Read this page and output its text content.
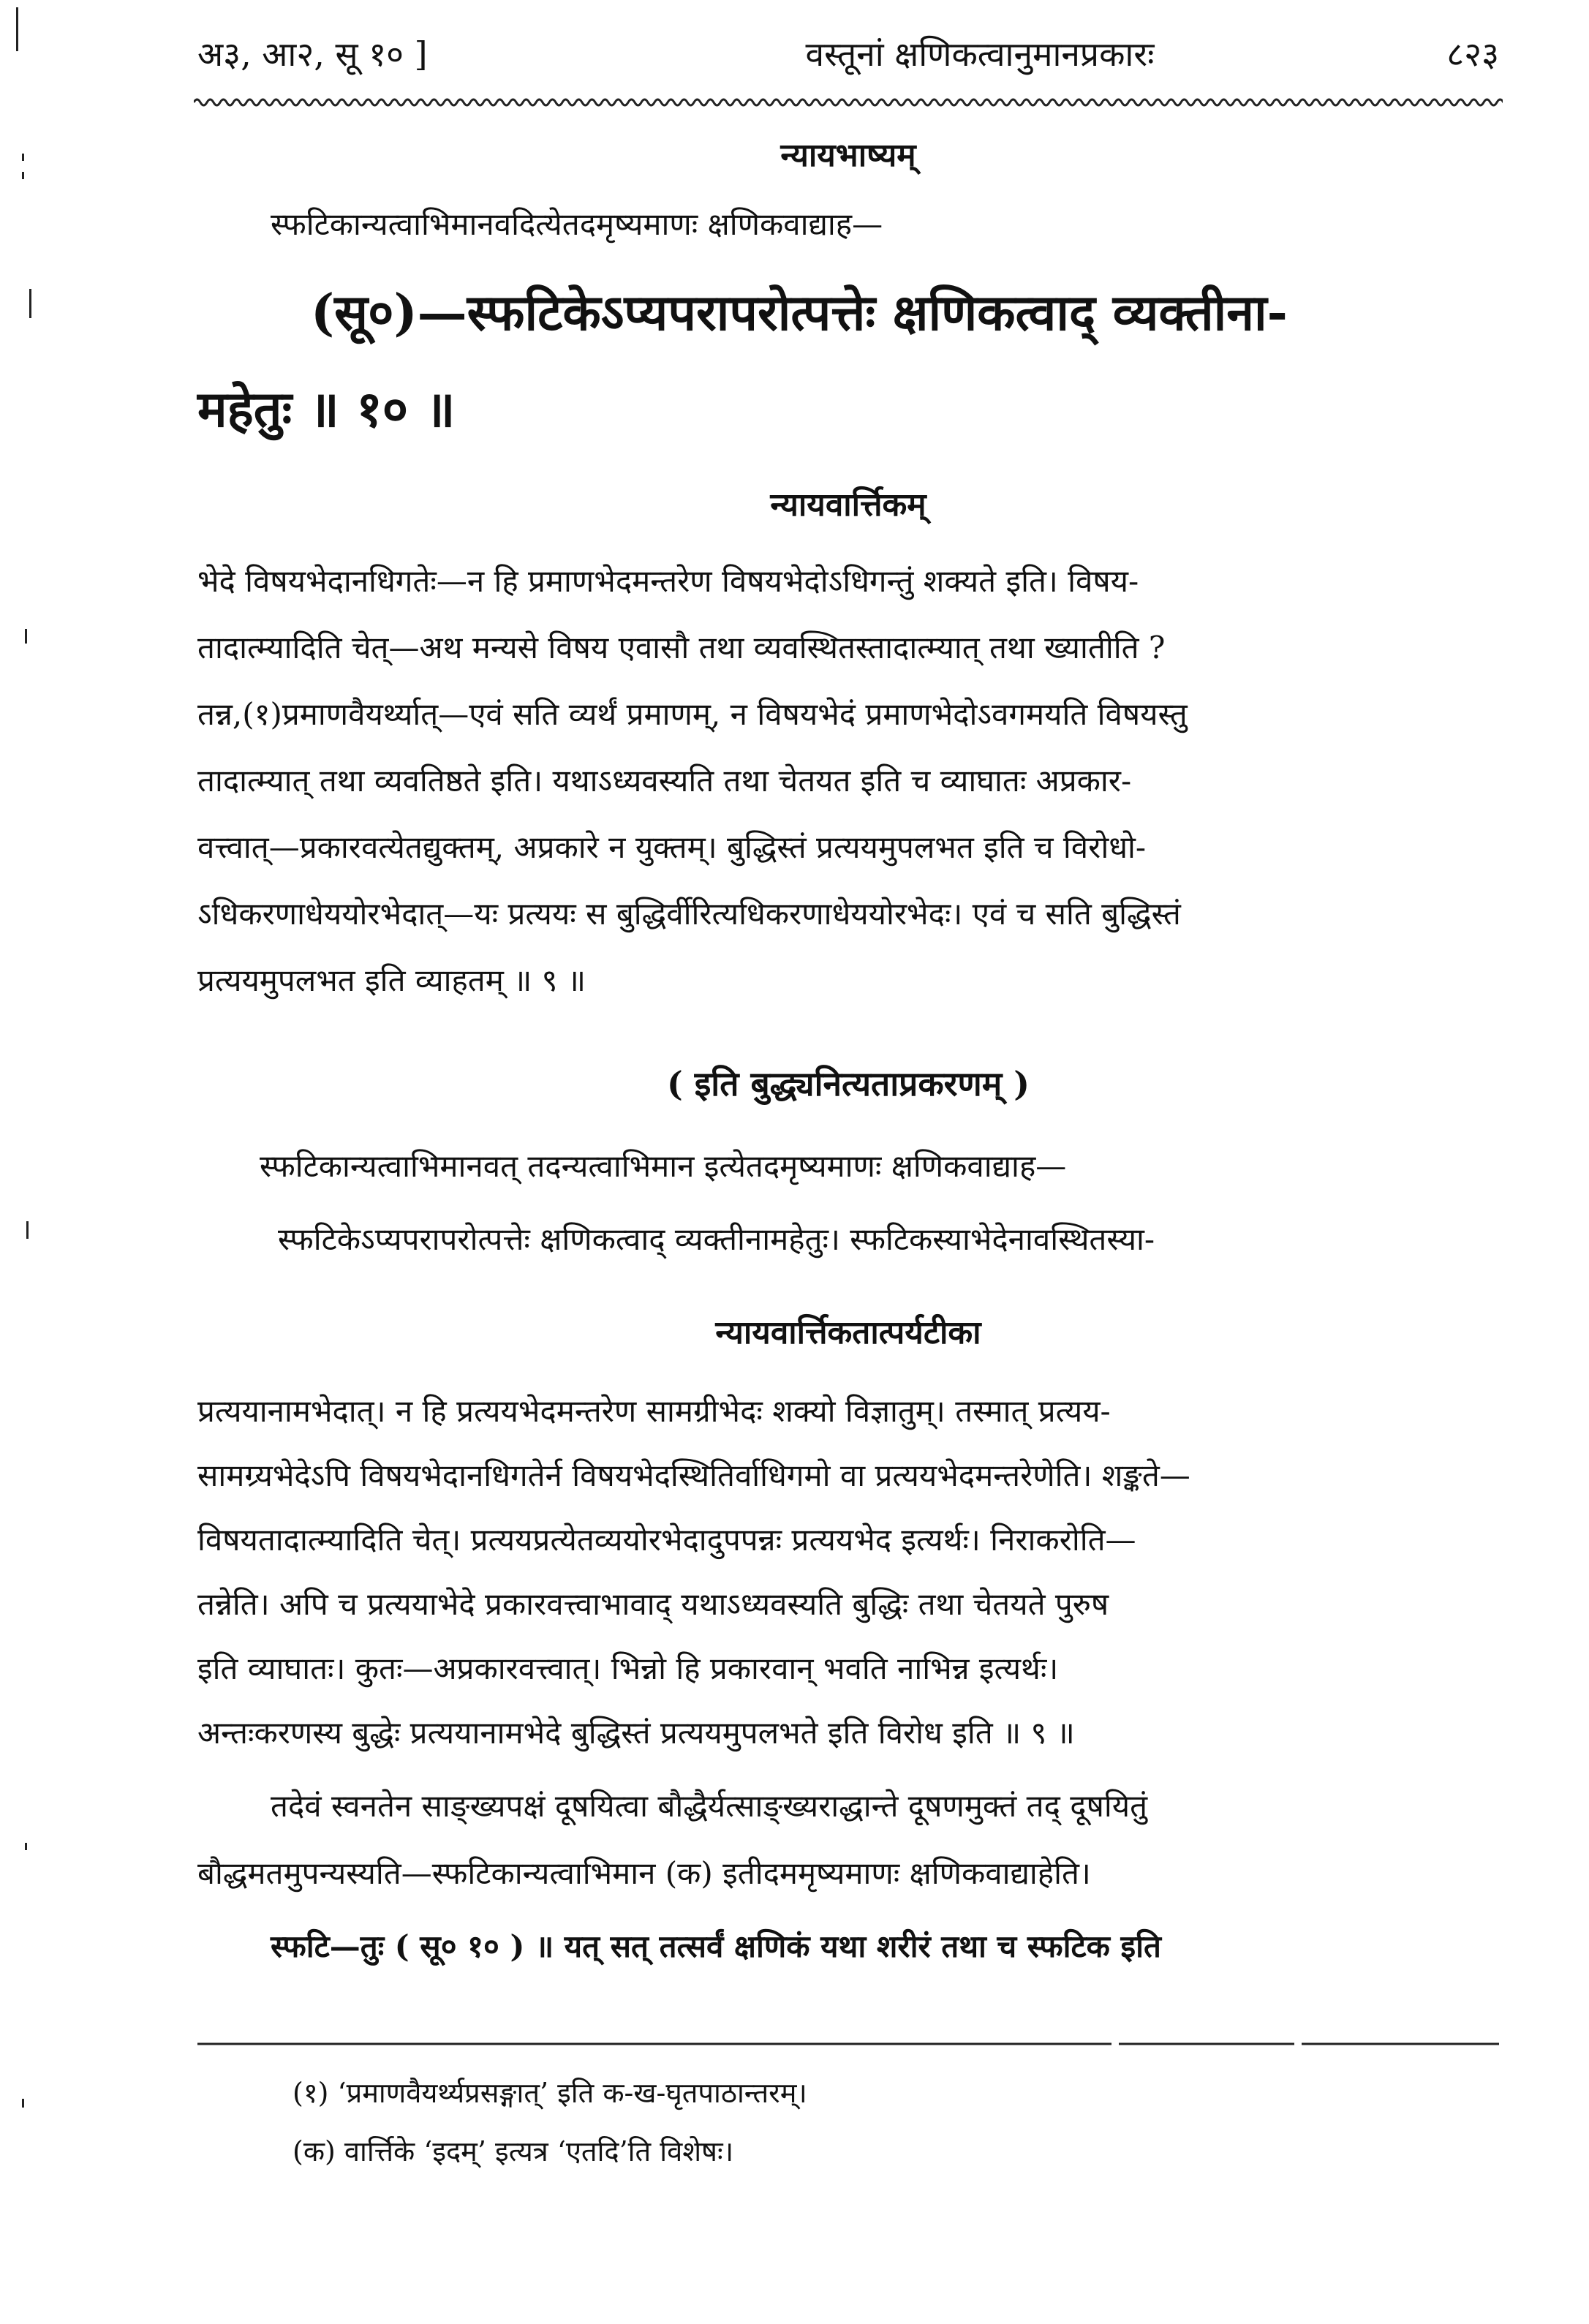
अ३, आ२, सू १० ]	वस्तूनां क्षणिकत्वानुमानप्रकारः	८२३
न्यायभाष्यम्
स्फटिकान्यत्वाभिमानवदित्येतदमृष्यमाणः क्षणिकवाद्याह—
(सू०)—स्फटिकेऽप्यपरापरोत्पत्तेः क्षणिकत्वाद् व्यक्तीना-
महेतुः ॥ १० ॥
न्यायवार्त्तिकम्
भेदे विषयभेदानधिगतेः—न हि प्रमाणभेदमन्तरेण विषयभेदोऽधिगन्तुं शक्यते इति। विषय-
तादात्म्यादिति चेत्—अथ मन्यसे विषय एवासौ तथा व्यवस्थितस्तादात्म्यात् तथा ख्यातीति ?
तन्न,(१)प्रमाणवैयर्थ्यात्—एवं सति व्यर्थं प्रमाणम्, न विषयभेदं प्रमाणभेदोऽवगमयति विषयस्तु
तादात्म्यात् तथा व्यवतिष्ठते इति। यथाऽध्यवस्यति तथा चेतयत इति च व्याघातः अप्रकार-
वत्त्वात्—प्रकारवत्येतद्युक्तम्, अप्रकारे न युक्तम्। बुद्धिस्तं प्रत्ययमुपलभत इति च विरोधो-
ऽधिकरणाधेययोरभेदात्—यः प्रत्ययः स बुद्धिर्वीरित्यधिकरणाधेययोरभेदः। एवं च सति बुद्धिस्तं
प्रत्ययमुपलभत इति व्याहतम् ॥ ९ ॥
( इति बुद्ध्यनित्यताप्रकरणम् )
स्फटिकान्यत्वाभिमानवत् तदन्यत्वाभिमान इत्येतदमृष्यमाणः क्षणिकवाद्याह—
स्फटिकेऽप्यपरापरोत्पत्तेः क्षणिकत्वाद् व्यक्तीनामहेतुः। स्फटिकस्याभेदेनावस्थितस्या-
न्यायवार्त्तिकतात्पर्यटीका
प्रत्ययानामभेदात्। न हि प्रत्ययभेदमन्तरेण सामग्रीभेदः शक्यो विज्ञातुम्। तस्मात् प्रत्यय-
सामग्र्यभेदेऽपि विषयभेदानधिगतेर्न विषयभेदस्थितिर्वाधिगमो वा प्रत्ययभेदमन्तरेणेति। शङ्कते—
विषयतादात्म्यादिति चेत्। प्रत्ययप्रत्येतव्ययोरभेदादुपपन्नः प्रत्ययभेद इत्यर्थः। निराकरोति—
तन्नेति। अपि च प्रत्ययाभेदे प्रकारवत्त्वाभावाद् यथाऽध्यवस्यति बुद्धिः तथा चेतयते पुरुष
इति व्याघातः। कुतः—अप्रकारवत्त्वात्। भिन्नो हि प्रकारवान् भवति नाभिन्न इत्यर्थः।
अन्तःकरणस्य बुद्धेः प्रत्ययानामभेदे बुद्धिस्तं प्रत्ययमुपलभते इति विरोध इति ॥ ९ ॥
तदेवं स्वनतेन साङ्ख्यपक्षं दूषयित्वा बौद्धैर्यत्साङ्ख्यराद्धान्ते दूषणमुक्तं तद् दूषयितुं
बौद्धमतमुपन्यस्यति—स्फटिकान्यत्वाभिमान (क) इतीदममृष्यमाणः क्षणिकवाद्याहेति।
स्फटि—तुः ( सू० १० ) ॥ यत् सत् तत्सर्वं क्षणिकं यथा शरीरं तथा च स्फटिक इति
(१) ‘प्रमाणवैयर्थ्यप्रसङ्गात्’ इति क-ख-घृतपाठान्तरम्।
(क) वार्त्तिके ‘इदम्’ इत्यत्र ‘एतदि’ति विशेषः।
